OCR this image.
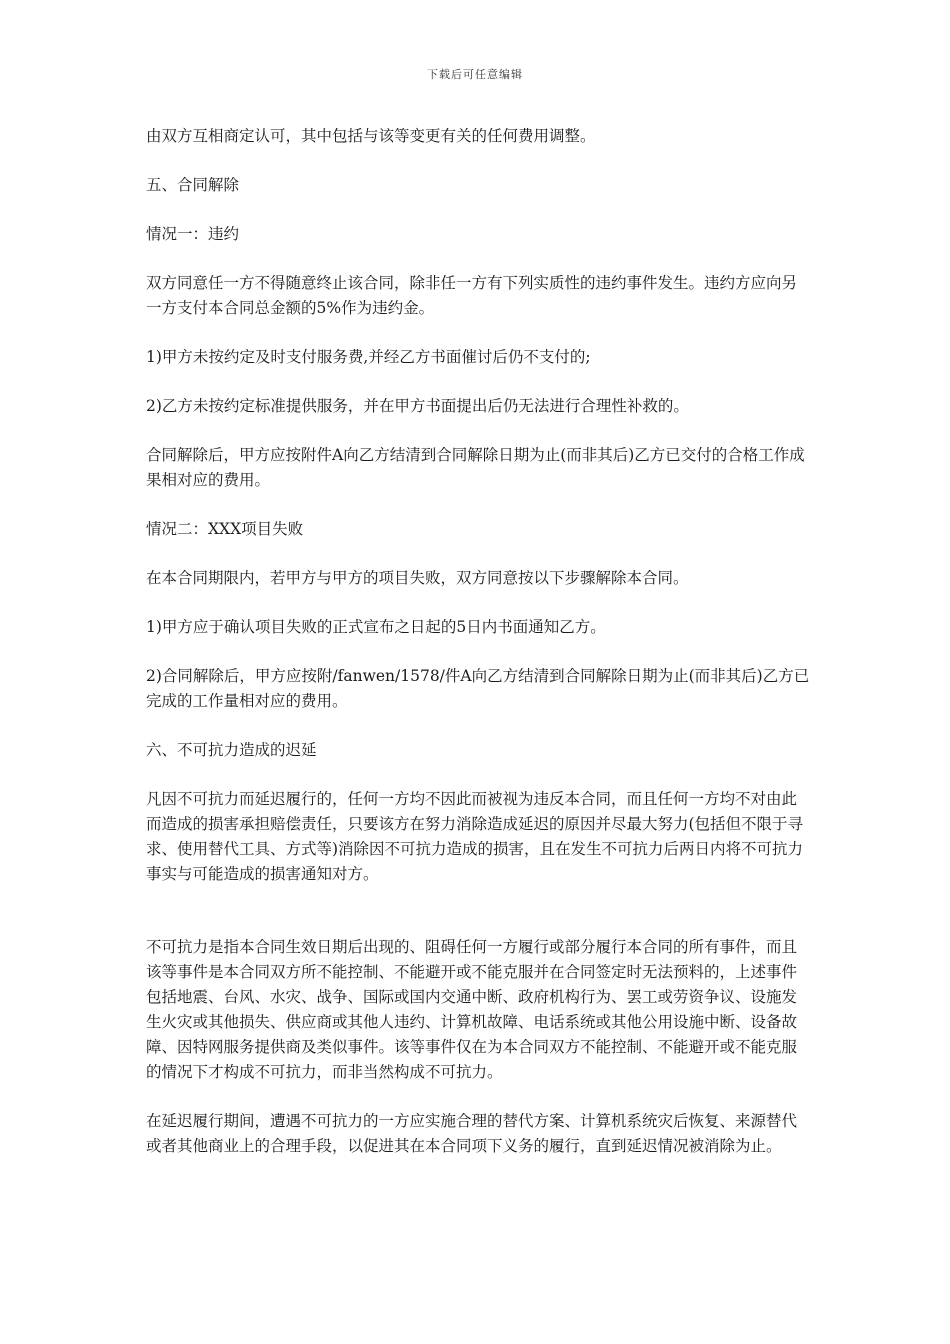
下载后可任意编辑

由双方互相商定认可，其中包括与该等变更有关的任何费用调整。

五、合同解除

情况一：违约

双方同意任一方不得随意终止该合同，除非任一方有下列实质性的违约事件发生。违约方应向另一方支付本合同总金额的5%作为违约金。

1)甲方未按约定及时支付服务费,并经乙方书面催讨后仍不支付的;

2)乙方未按约定标准提供服务，并在甲方书面提出后仍无法进行合理性补救的。

合同解除后，甲方应按附件A向乙方结清到合同解除日期为止(而非其后)乙方已交付的合格工作成果相对应的费用。

情况二：XXX项目失败

在本合同期限内，若甲方与甲方的项目失败，双方同意按以下步骤解除本合同。

1)甲方应于确认项目失败的正式宣布之日起的5日内书面通知乙方。

2)合同解除后，甲方应按附/fanwen/1578/件A向乙方结清到合同解除日期为止(而非其后)乙方已完成的工作量相对应的费用。

六、不可抗力造成的迟延

凡因不可抗力而延迟履行的，任何一方均不因此而被视为违反本合同，而且任何一方均不对由此而造成的损害承担赔偿责任，只要该方在努力消除造成延迟的原因并尽最大努力(包括但不限于寻求、使用替代工具、方式等)消除因不可抗力造成的损害，且在发生不可抗力后两日内将不可抗力事实与可能造成的损害通知对方。

不可抗力是指本合同生效日期后出现的、阻碍任何一方履行或部分履行本合同的所有事件，而且该等事件是本合同双方所不能控制、不能避开或不能克服并在合同签定时无法预料的，上述事件包括地震、台风、水灾、战争、国际或国内交通中断、政府机构行为、罢工或劳资争议、设施发生火灾或其他损失、供应商或其他人违约、计算机故障、电话系统或其他公用设施中断、设备故障、因特网服务提供商及类似事件。该等事件仅在为本合同双方不能控制、不能避开或不能克服的情况下才构成不可抗力，而非当然构成不可抗力。

在延迟履行期间，遭遇不可抗力的一方应实施合理的替代方案、计算机系统灾后恢复、来源替代或者其他商业上的合理手段，以促进其在本合同项下义务的履行，直到延迟情况被消除为止。
